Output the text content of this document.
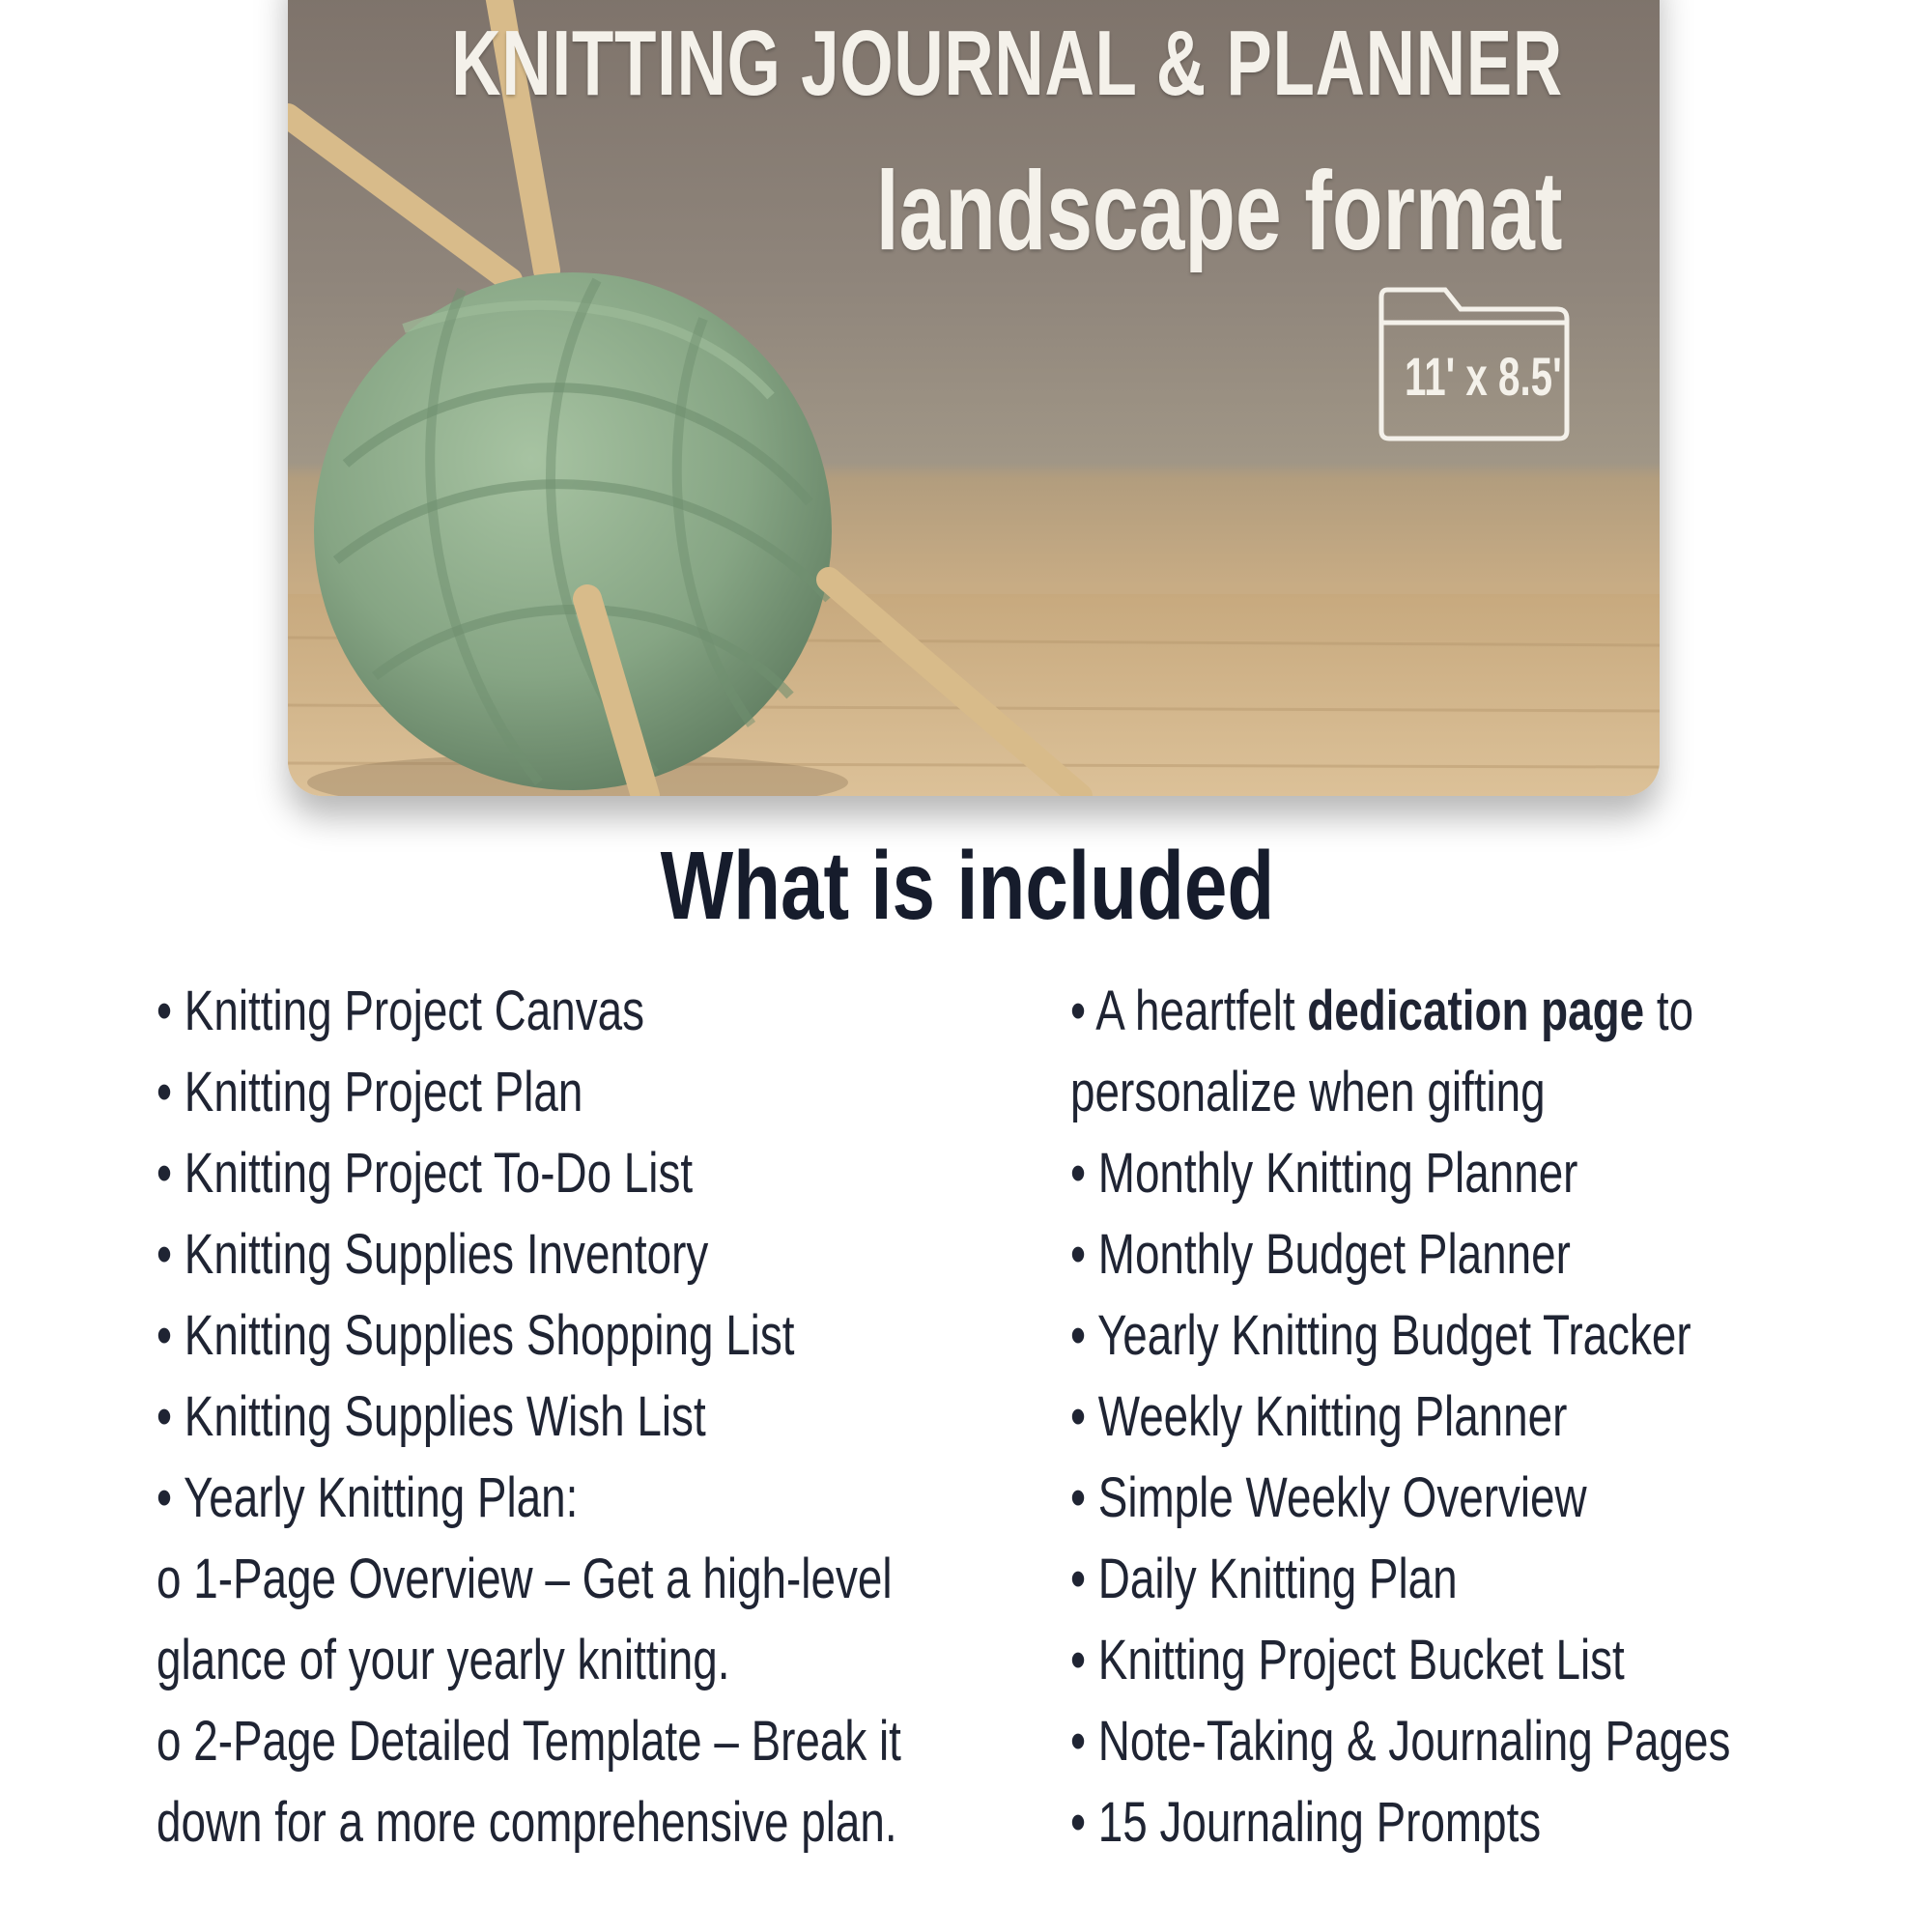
KNITTING JOURNAL & PLANNER
landscape format
11' x 8.5'
What is included
• Knitting Project Canvas
• Knitting Project Plan
• Knitting Project To-Do List
• Knitting Supplies Inventory
• Knitting Supplies Shopping List
• Knitting Supplies Wish List
• Yearly Knitting Plan:
o 1-Page Overview – Get a high-level
glance of your yearly knitting.
o 2-Page Detailed Template – Break it
down for a more comprehensive plan.
• A heartfelt dedication page to
personalize when gifting
• Monthly Knitting Planner
• Monthly Budget Planner
• Yearly Knitting Budget Tracker
• Weekly Knitting Planner
• Simple Weekly Overview
• Daily Knitting Plan
• Knitting Project Bucket List
• Note-Taking & Journaling Pages
• 15 Journaling Prompts
